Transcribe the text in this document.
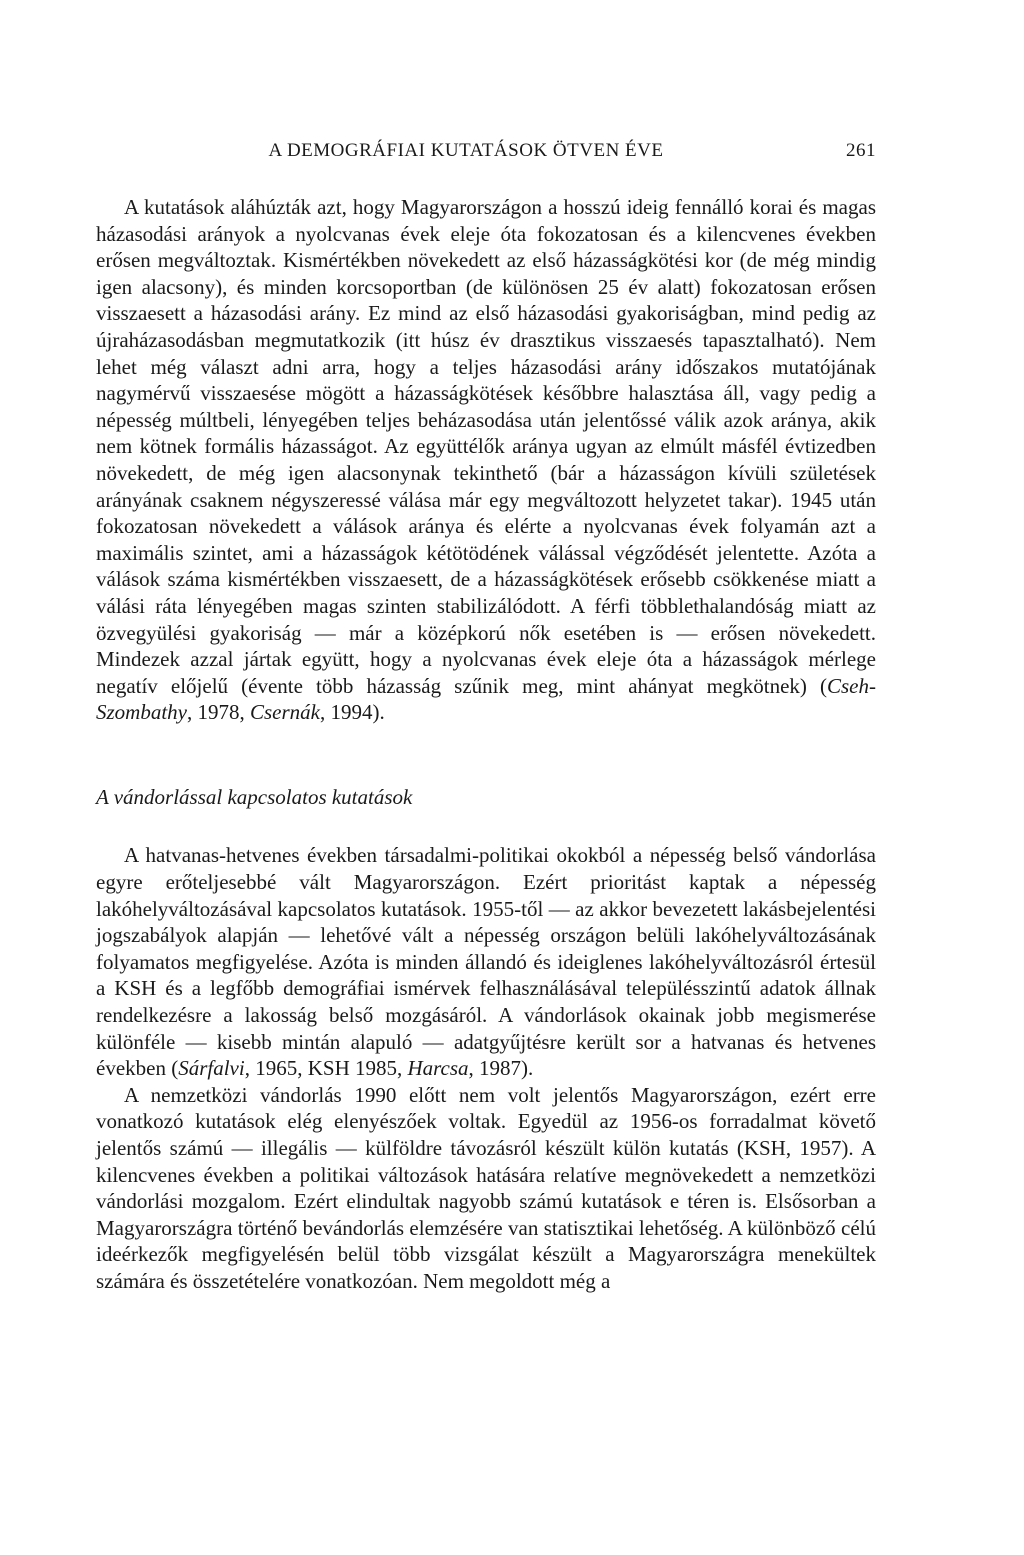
A DEMOGRÁFIAI KUTATÁSOK ÖTVEN ÉVE	261

A kutatások aláhúzták azt, hogy Magyarországon a hosszú ideig fennálló korai és magas házasodási arányok a nyolcvanas évek eleje óta fokozatosan és a kilencvenes években erősen megváltoztak. Kismértékben növekedett az első házasságkötési kor (de még mindig igen alacsony), és minden korcsoportban (de különösen 25 év alatt) fokozatosan erősen visszaesett a házasodási arány. Ez mind az első házasodási gyakoriságban, mind pedig az újraházasodásban megmutatkozik (itt húsz év drasztikus visszaesés tapasztalható). Nem lehet még választ adni arra, hogy a teljes házasodási arány időszakos mutatójának nagymérvű visszaesése mögött a házasságkötések későbbre halasztása áll, vagy pedig a népesség múltbeli, lényegében teljes beházasodása után jelentőssé válik azok aránya, akik nem kötnek formális házasságot. Az együttélők aránya ugyan az elmúlt másfél évtizedben növekedett, de még igen alacsonynak tekinthető (bár a házasságon kívüli születések arányának csaknem négyszeressé válása már egy megváltozott helyzetet takar). 1945 után fokozatosan növekedett a válások aránya és elérte a nyolcvanas évek folyamán azt a maximális szintet, ami a házasságok kétötödének válással végződését jelentette. Azóta a válások száma kismértékben visszaesett, de a házasságkötések erősebb csökkenése miatt a válási ráta lényegében magas szinten stabilizálódott. A férfi többlethalandóság miatt az özvegyülési gyakoriság — már a középkorú nők esetében is — erősen növekedett. Mindezek azzal jártak együtt, hogy a nyolcvanas évek eleje óta a házasságok mérlege negatív előjelű (évente több házasság szűnik meg, mint ahányat megkötnek) (Cseh-Szombathy, 1978, Csernák, 1994).

A vándorlással kapcsolatos kutatások

A hatvanas-hetvenes években társadalmi-politikai okokból a népesség belső vándorlása egyre erőteljesebbé vált Magyarországon. Ezért prioritást kaptak a népesség lakóhelyváltozásával kapcsolatos kutatások. 1955-től — az akkor bevezetett lakásbejelentési jogszabályok alapján — lehetővé vált a népesség országon belüli lakóhelyváltozásának folyamatos megfigyelése. Azóta is minden állandó és ideiglenes lakóhelyváltozásról értesül a KSH és a legfőbb demográfiai ismérvek felhasználásával településszintű adatok állnak rendelkezésre a lakosság belső mozgásáról. A vándorlások okainak jobb megismerése különféle — kisebb mintán alapuló — adatgyűjtésre került sor a hatvanas és hetvenes években (Sárfalvi, 1965, KSH 1985, Harcsa, 1987).

A nemzetközi vándorlás 1990 előtt nem volt jelentős Magyarországon, ezért erre vonatkozó kutatások elég elenyészőek voltak. Egyedül az 1956-os forradalmat követő jelentős számú — illegális — külföldre távozásról készült külön kutatás (KSH, 1957). A kilencvenes években a politikai változások hatására relatíve megnövekedett a nemzetközi vándorlási mozgalom. Ezért elindultak nagyobb számú kutatások e téren is. Elsősorban a Magyarországra történő bevándorlás elemzésére van statisztikai lehetőség. A különböző célú ideérkezők megfigyelésén belül több vizsgálat készült a Magyarországra menekültek számára és összetételére vonatkozóan. Nem megoldott még a
